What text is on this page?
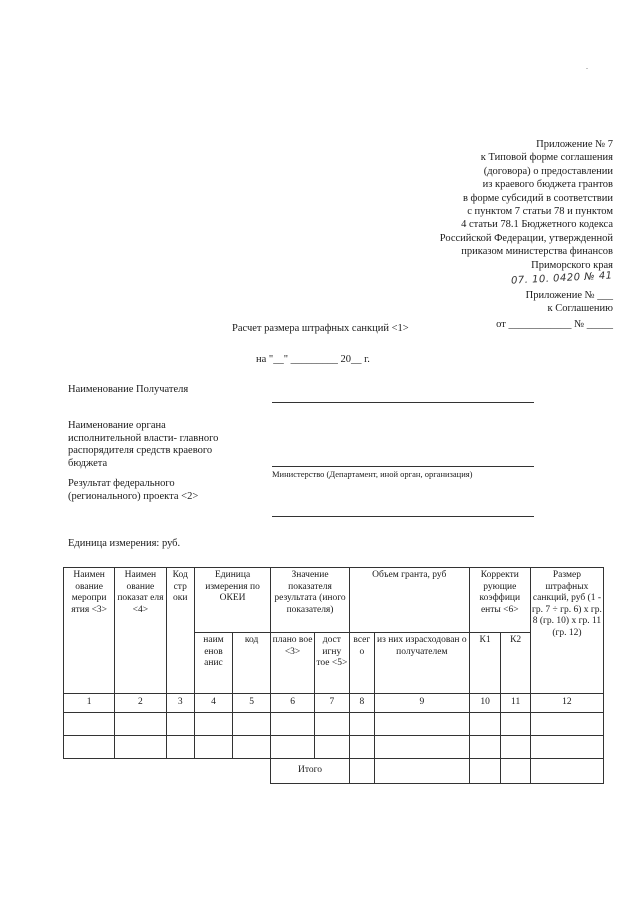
.
Приложение № 7
к Типовой форме соглашения
(договора) о предоставлении
из краевого бюджета грантов
в форме субсидий в соответствии
с пунктом 7 статьи 78 и пунктом
4 статьи 78.1 Бюджетного кодекса
Российской Федерации, утвержденной
приказом министерства финансов
Приморского края
07. 10. 0420 № 41
Приложение № ___
к Соглашению
от ____________ № _____
Расчет размера штрафных санкций <1>
на "__" _________ 20__ г.
Наименование Получателя
Наименование органа исполнительной власти- главного распорядителя средств краевого бюджета
Министерство (Департамент, иной орган, организация)
Результат федерального (регионального) проекта <2>
Единица измерения: руб.
Наимен ование меропри ятия <3>	Наимен ование показат еля <4>	Код стр оки	Единица измерения по ОКЕИ		Значение показателя результата (иного показателя)		Объем гранта, руб		Корректи рующие коэффици енты <6>		Размер штрафных санкций, руб (1 - гр. 7 ÷ гр. 6) x гр. 8 (гр. 10) x гр. 11 (гр. 12)
			наим енов анис	код	плано вое <3>	дост игну тое <5>	всег о	из них израсходован о получателем	К1	К2	
1	2	3	4	5	6	7	8	9	10	11	12

					Итого						
